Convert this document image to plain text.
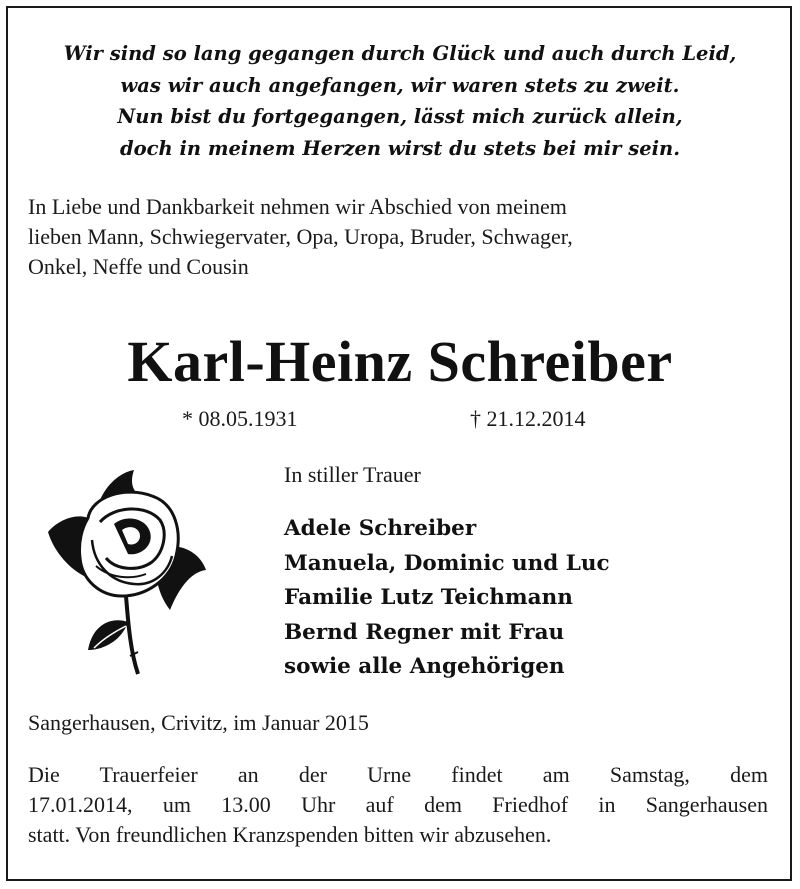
Wir sind so lang gegangen durch Glück und auch durch Leid,
was wir auch angefangen, wir waren stets zu zweit.
Nun bist du fortgegangen, lässt mich zurück allein,
doch in meinem Herzen wirst du stets bei mir sein.
In Liebe und Dankbarkeit nehmen wir Abschied von meinem
lieben Mann, Schwiegervater, Opa, Uropa, Bruder, Schwager,
Onkel, Neffe und Cousin
Karl-Heinz Schreiber
* 08.05.1931	† 21.12.2014
In stiller Trauer
Adele Schreiber
Manuela, Dominic und Luc
Familie Lutz Teichmann
Bernd Regner mit Frau
sowie alle Angehörigen
Sangerhausen, Crivitz, im Januar 2015
Die Trauerfeier an der Urne findet am Samstag, dem
17.01.2014, um 13.00 Uhr auf dem Friedhof in Sangerhausen
statt. Von freundlichen Kranzspenden bitten wir abzusehen.
